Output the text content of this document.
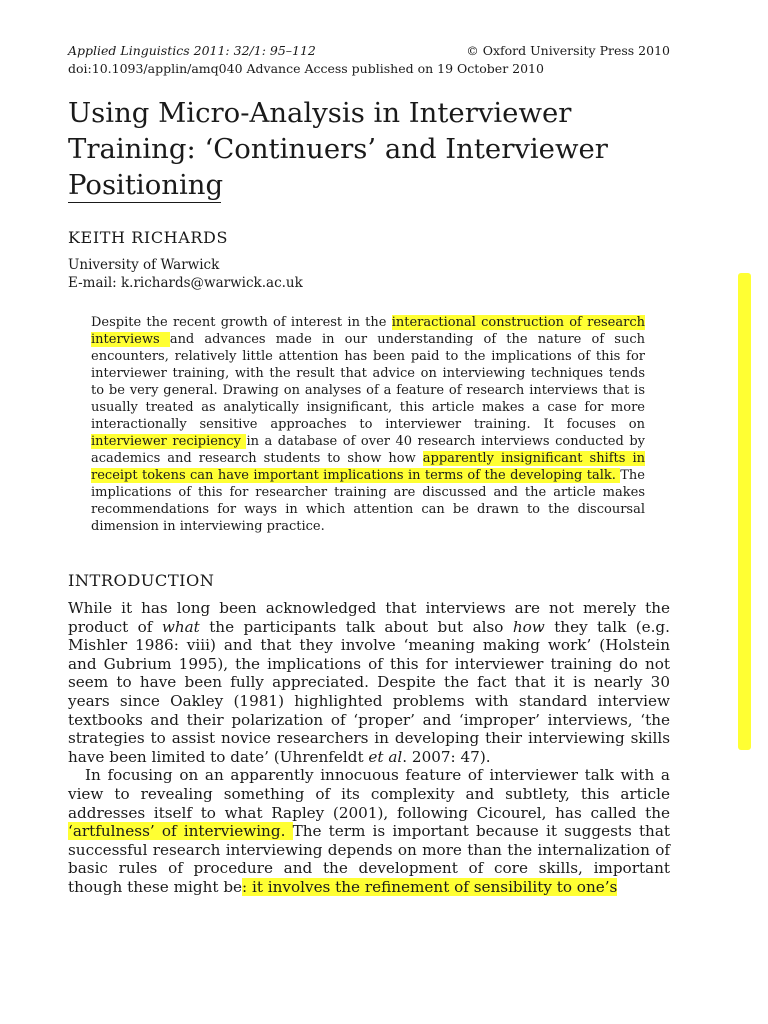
Applied Linguistics 2011: 32/1: 95–112	© Oxford University Press 2010
doi:10.1093/applin/amq040 Advance Access published on 19 October 2010
Using Micro-Analysis in Interviewer Training: ‘Continuers’ and Interviewer Positioning
KEITH RICHARDS
University of Warwick
E-mail: k.richards@warwick.ac.uk

Despite the recent growth of interest in the interactional construction of research interviews and advances made in our understanding of the nature of such encounters, relatively little attention has been paid to the implications of this for interviewer training, with the result that advice on interviewing techniques tends to be very general. Drawing on analyses of a feature of research interviews that is usually treated as analytically insignificant, this article makes a case for more interactionally sensitive approaches to interviewer training. It focuses on interviewer recipiency in a database of over 40 research interviews conducted by academics and research students to show how apparently insignificant shifts in receipt tokens can have important implications in terms of the developing talk. The implications of this for researcher training are discussed and the article makes recommendations for ways in which attention can be drawn to the discoursal dimension in interviewing practice.

INTRODUCTION

While it has long been acknowledged that interviews are not merely the product of what the participants talk about but also how they talk (e.g. Mishler 1986: viii) and that they involve ‘meaning making work’ (Holstein and Gubrium 1995), the implications of this for interviewer training do not seem to have been fully appreciated. Despite the fact that it is nearly 30 years since Oakley (1981) highlighted problems with standard interview textbooks and their polarization of ‘proper’ and ‘improper’ interviews, ‘the strategies to assist novice researchers in developing their interviewing skills have been limited to date’ (Uhrenfeldt et al. 2007: 47).

In focusing on an apparently innocuous feature of interviewer talk with a view to revealing something of its complexity and subtlety, this article addresses itself to what Rapley (2001), following Cicourel, has called the ‘artfulness’ of interviewing. The term is important because it suggests that successful research interviewing depends on more than the internalization of basic rules of procedure and the development of core skills, important though these might be: it involves the refinement of sensibility to one’s
